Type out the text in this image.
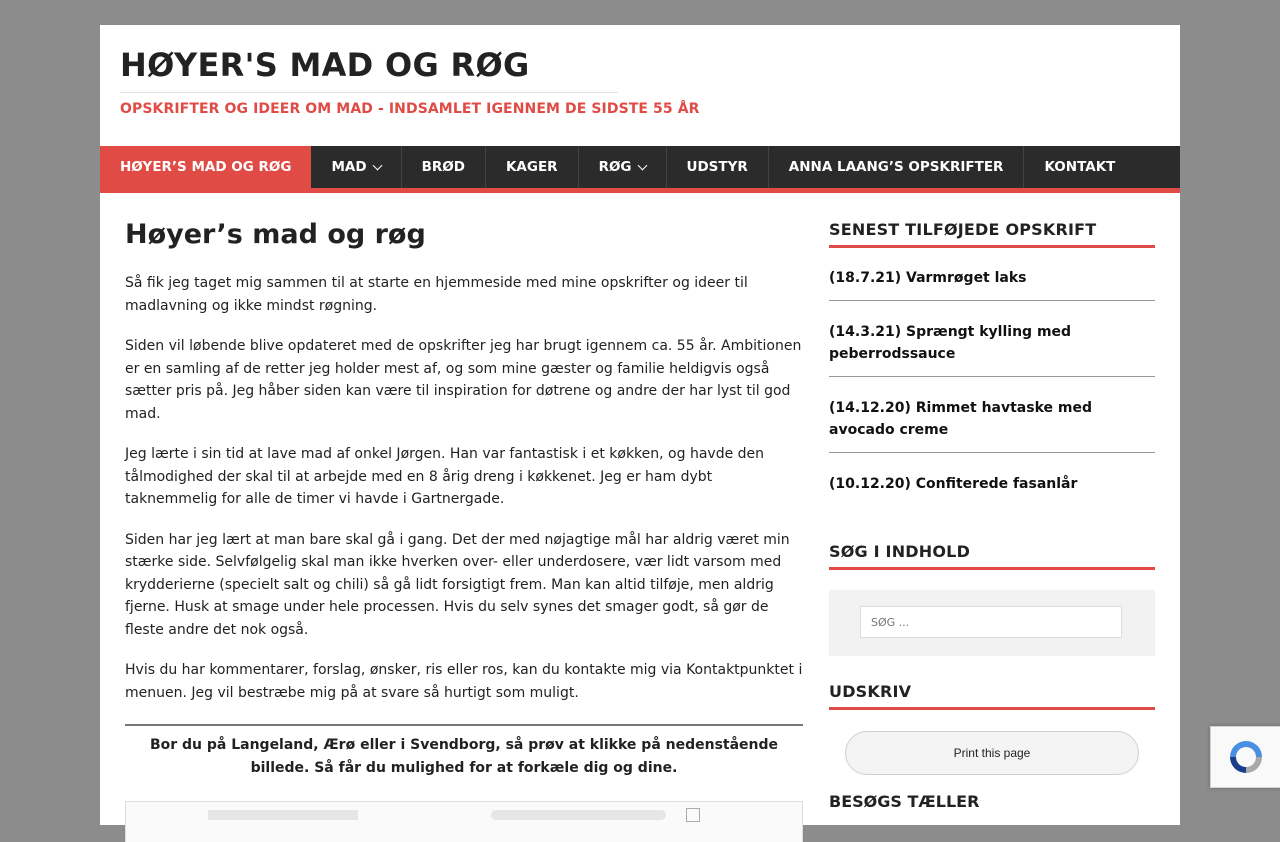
HØYER'S MAD OG RØG
OPSKRIFTER OG IDEER OM MAD - INDSAMLET IGENNEM DE SIDSTE 55 ÅR
HØYER’S MAD OG RØG	MAD	BRØD	KAGER	RØG	UDSTYR	ANNA LAANG’S OPSKRIFTER	KONTAKT
Høyer’s mad og røg

Så fik jeg taget mig sammen til at starte en hjemmeside med mine opskrifter og ideer til madlavning og ikke mindst røgning.

Siden vil løbende blive opdateret med de opskrifter jeg har brugt igennem ca. 55 år. Ambitionen er en samling af de retter jeg holder mest af, og som mine gæster og familie heldigvis også sætter pris på. Jeg håber siden kan være til inspiration for døtrene og andre der har lyst til god mad.

Jeg lærte i sin tid at lave mad af onkel Jørgen. Han var fantastisk i et køkken, og havde den tålmodighed der skal til at arbejde med en 8 årig dreng i køkkenet. Jeg er ham dybt taknemmelig for alle de timer vi havde i Gartnergade.

Siden har jeg lært at man bare skal gå i gang. Det der med nøjagtige mål har aldrig været min stærke side. Selvfølgelig skal man ikke hverken over- eller underdosere, vær lidt varsom med krydderierne (specielt salt og chili) så gå lidt forsigtigt frem. Man kan altid tilføje, men aldrig fjerne. Husk at smage under hele processen. Hvis du selv synes det smager godt, så gør de fleste andre det nok også.

Hvis du har kommentarer, forslag, ønsker, ris eller ros, kan du kontakte mig via Kontaktpunktet i menuen. Jeg vil bestræbe mig på at svare så hurtigt som muligt.

Bor du på Langeland, Ærø eller i Svendborg, så prøv at klikke på nedenstående billede. Så får du mulighed for at forkæle dig og dine.
SENEST TILFØJEDE OPSKRIFT
(18.7.21) Varmrøget laks
(14.3.21) Sprængt kylling med peberrodssauce
(14.12.20) Rimmet havtaske med avocado creme
(10.12.20) Confiterede fasanlår
SØG I INDHOLD
SØG ...
UDSKRIV
Print this page
BESØGS TÆLLER
